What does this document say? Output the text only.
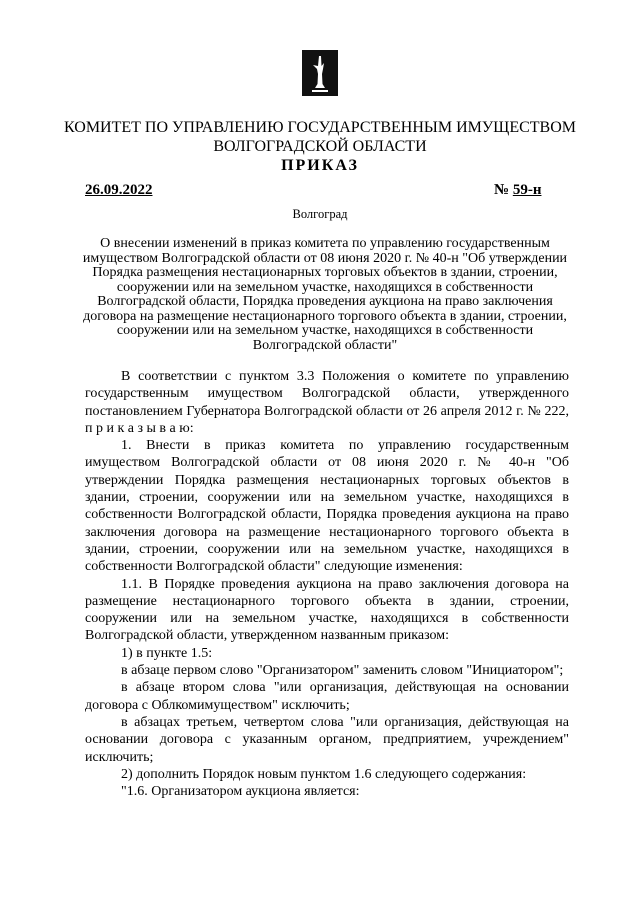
КОМИТЕТ ПО УПРАВЛЕНИЮ ГОСУДАРСТВЕННЫМ ИМУЩЕСТВОМ
ВОЛГОГРАДСКОЙ ОБЛАСТИ
ПРИКАЗ
26.09.2022	№ 59-н
Волгоград
О внесении изменений в приказ комитета по управлению государственным имуществом Волгоградской области от 08 июня 2020 г. № 40-н "Об утверждении Порядка размещения нестационарных торговых объектов в здании, строении, сооружении или на земельном участке, находящихся в собственности Волгоградской области, Порядка проведения аукциона на право заключения договора на размещение нестационарного торгового объекта в здании, строении, сооружении или на земельном участке, находящихся в собственности Волгоградской области"

В соответствии с пунктом 3.3 Положения о комитете по управлению государственным имуществом Волгоградской области, утвержденного постановлением Губернатора Волгоградской области от 26 апреля 2012 г. № 222, п р и к а з ы в а ю:

1. Внести в приказ комитета по управлению государственным имуществом Волгоградской области от 08 июня 2020 г. № 40-н "Об утверждении Порядка размещения нестационарных торговых объектов в здании, строении, сооружении или на земельном участке, находящихся в собственности Волгоградской области, Порядка проведения аукциона на право заключения договора на размещение нестационарного торгового объекта в здании, строении, сооружении или на земельном участке, находящихся в собственности Волгоградской области" следующие изменения:

1.1. В Порядке проведения аукциона на право заключения договора на размещение нестационарного торгового объекта в здании, строении, сооружении или на земельном участке, находящихся в собственности Волгоградской области, утвержденном названным приказом:

1) в пункте 1.5:

в абзаце первом слово "Организатором" заменить словом "Инициатором";

в абзаце втором слова "или организация, действующая на основании договора с Облкомимуществом" исключить;

в абзацах третьем, четвертом слова "или организация, действующая на основании договора с указанным органом, предприятием, учреждением" исключить;

2) дополнить Порядок новым пунктом 1.6 следующего содержания:

"1.6. Организатором аукциона является:
